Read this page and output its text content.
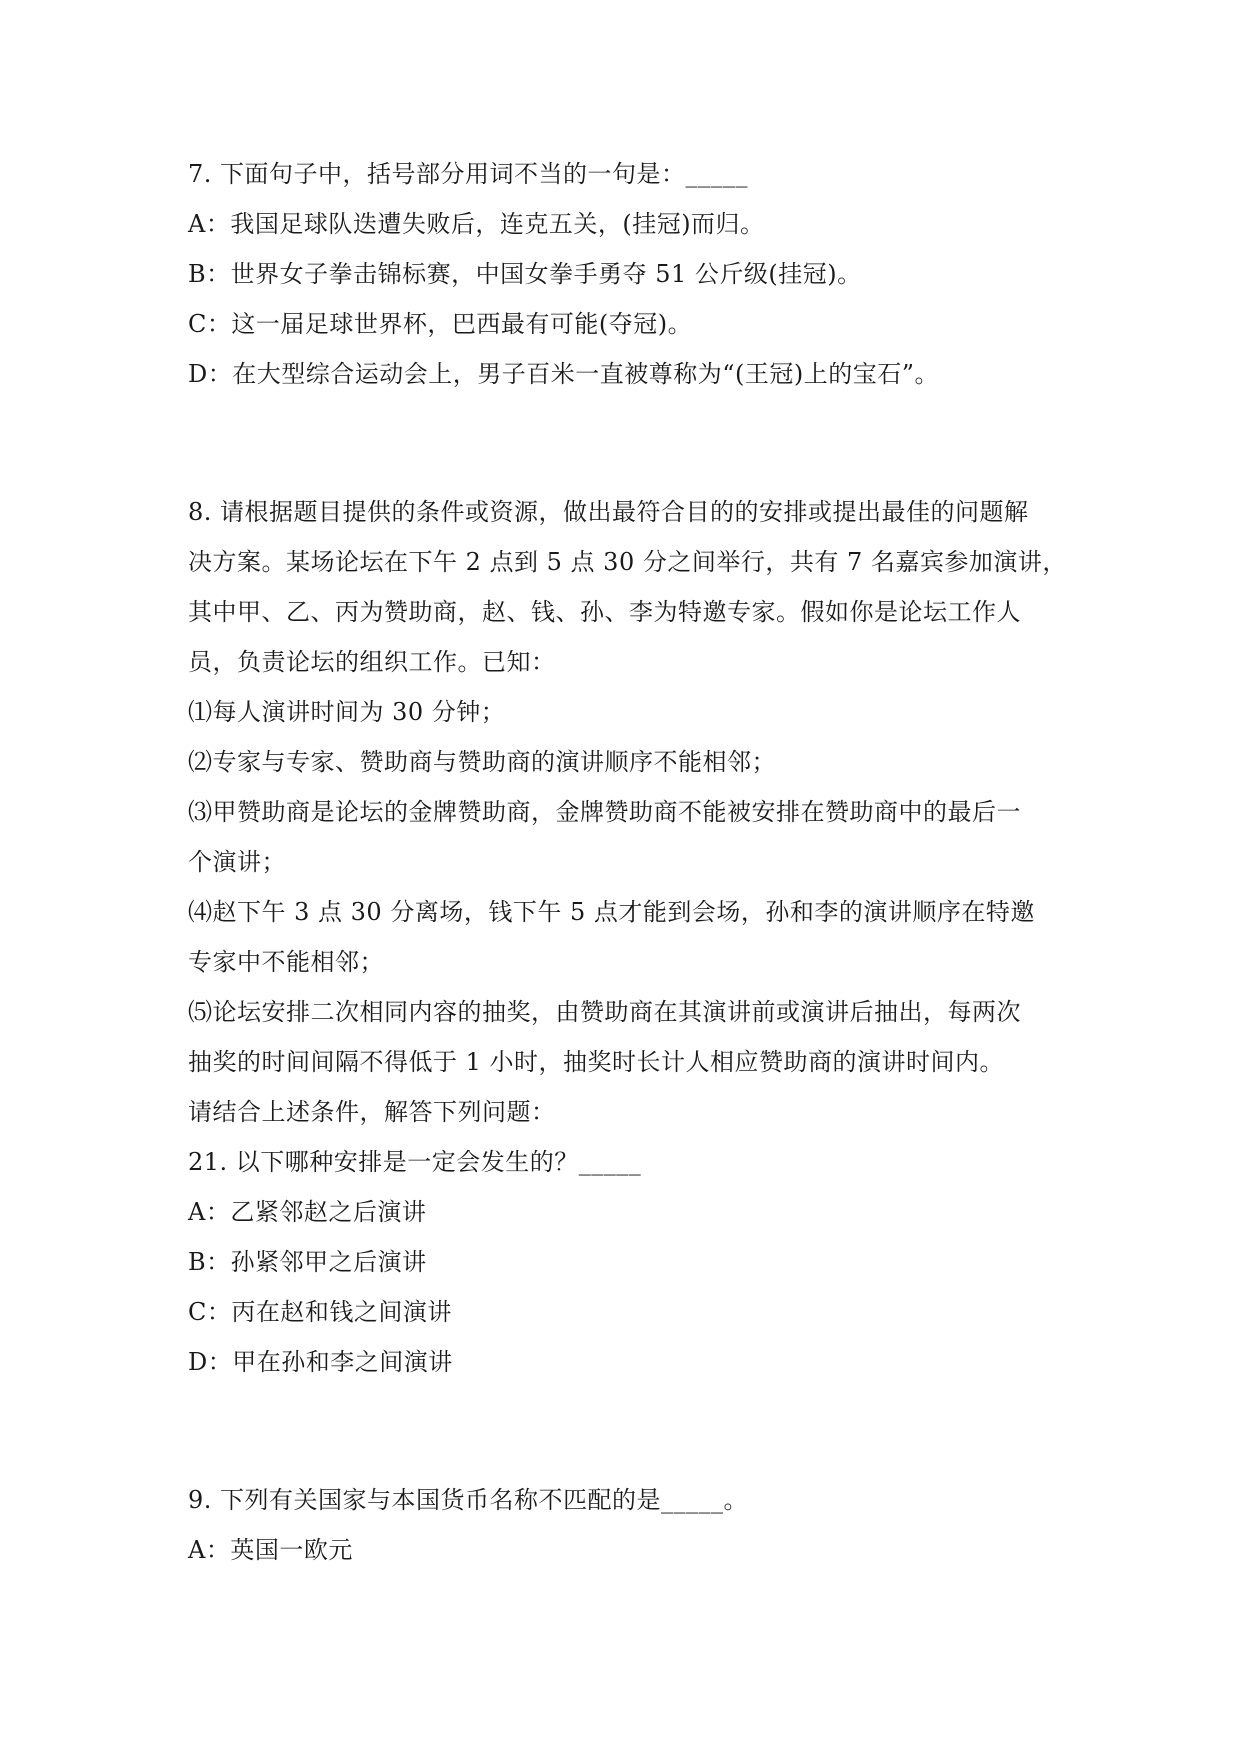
7. 下面句子中，括号部分用词不当的一句是：_____
A：我国足球队迭遭失败后，连克五关，(挂冠)而归。
B：世界女子拳击锦标赛，中国女拳手勇夺 51 公斤级(挂冠)。
C：这一届足球世界杯，巴西最有可能(夺冠)。
D：在大型综合运动会上，男子百米一直被尊称为“(王冠)上的宝石”。
8. 请根据题目提供的条件或资源，做出最符合目的的安排或提出最佳的问题解
决方案。某场论坛在下午 2 点到 5 点 30 分之间举行，共有 7 名嘉宾参加演讲，
其中甲、乙、丙为赞助商，赵、钱、孙、李为特邀专家。假如你是论坛工作人
员，负责论坛的组织工作。已知：
⑴每人演讲时间为 30 分钟；
⑵专家与专家、赞助商与赞助商的演讲顺序不能相邻；
⑶甲赞助商是论坛的金牌赞助商，金牌赞助商不能被安排在赞助商中的最后一
个演讲；
⑷赵下午 3 点 30 分离场，钱下午 5 点才能到会场，孙和李的演讲顺序在特邀
专家中不能相邻；
⑸论坛安排二次相同内容的抽奖，由赞助商在其演讲前或演讲后抽出，每两次
抽奖的时间间隔不得低于 1 小时，抽奖时长计人相应赞助商的演讲时间内。
请结合上述条件，解答下列问题：
21. 以下哪种安排是一定会发生的？_____
A：乙紧邻赵之后演讲
B：孙紧邻甲之后演讲
C：丙在赵和钱之间演讲
D：甲在孙和李之间演讲
9. 下列有关国家与本国货币名称不匹配的是_____。
A：英国一欧元
